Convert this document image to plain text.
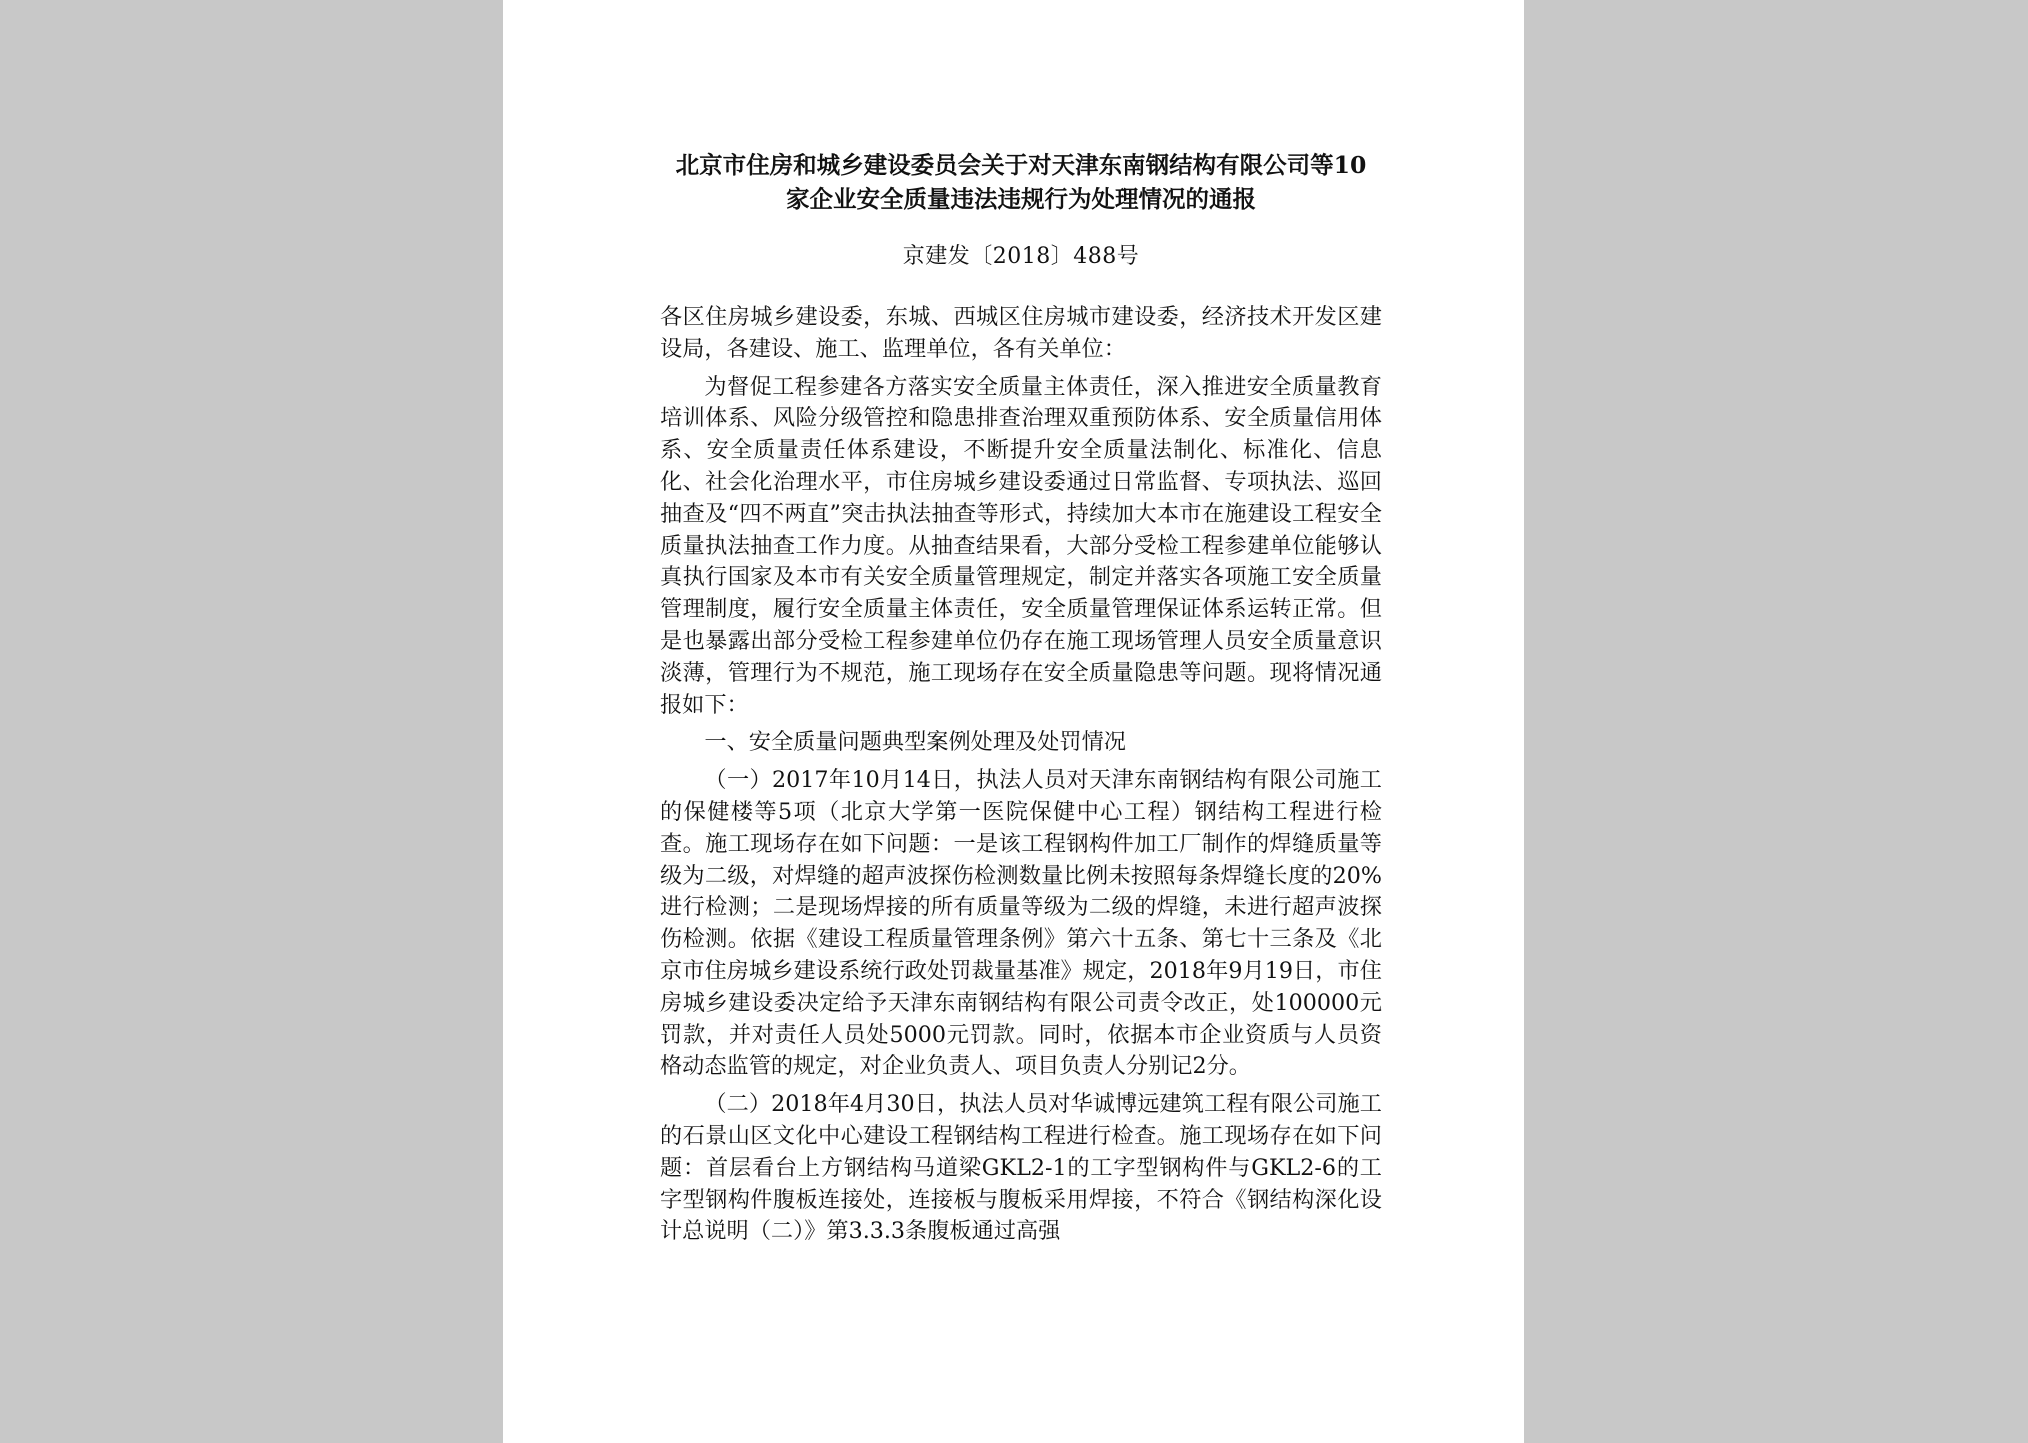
北京市住房和城乡建设委员会关于对天津东南钢结构有限公司等10
家企业安全质量违法违规行为处理情况的通报
京建发〔2018〕488号

各区住房城乡建设委，东城、西城区住房城市建设委，经济技术开发区建设局，各建设、施工、监理单位，各有关单位：

为督促工程参建各方落实安全质量主体责任，深入推进安全质量教育培训体系、风险分级管控和隐患排查治理双重预防体系、安全质量信用体系、安全质量责任体系建设，不断提升安全质量法制化、标准化、信息化、社会化治理水平，市住房城乡建设委通过日常监督、专项执法、巡回抽查及“四不两直”突击执法抽查等形式，持续加大本市在施建设工程安全质量执法抽查工作力度。从抽查结果看，大部分受检工程参建单位能够认真执行国家及本市有关安全质量管理规定，制定并落实各项施工安全质量管理制度，履行安全质量主体责任，安全质量管理保证体系运转正常。但是也暴露出部分受检工程参建单位仍存在施工现场管理人员安全质量意识淡薄，管理行为不规范，施工现场存在安全质量隐患等问题。现将情况通报如下：

一、安全质量问题典型案例处理及处罚情况

（一）2017年10月14日，执法人员对天津东南钢结构有限公司施工的保健楼等5项（北京大学第一医院保健中心工程）钢结构工程进行检查。施工现场存在如下问题：一是该工程钢构件加工厂制作的焊缝质量等级为二级，对焊缝的超声波探伤检测数量比例未按照每条焊缝长度的20%进行检测；二是现场焊接的所有质量等级为二级的焊缝，未进行超声波探伤检测。依据《建设工程质量管理条例》第六十五条、第七十三条及《北京市住房城乡建设系统行政处罚裁量基准》规定，2018年9月19日，市住房城乡建设委决定给予天津东南钢结构有限公司责令改正，处100000元罚款，并对责任人员处5000元罚款。同时，依据本市企业资质与人员资格动态监管的规定，对企业负责人、项目负责人分别记2分。

（二）2018年4月30日，执法人员对华诚博远建筑工程有限公司施工的石景山区文化中心建设工程钢结构工程进行检查。施工现场存在如下问题：首层看台上方钢结构马道梁GKL2-1的工字型钢构件与GKL2-6的工字型钢构件腹板连接处，连接板与腹板采用焊接，不符合《钢结构深化设计总说明（二）》第3.3.3条腹板通过高强
